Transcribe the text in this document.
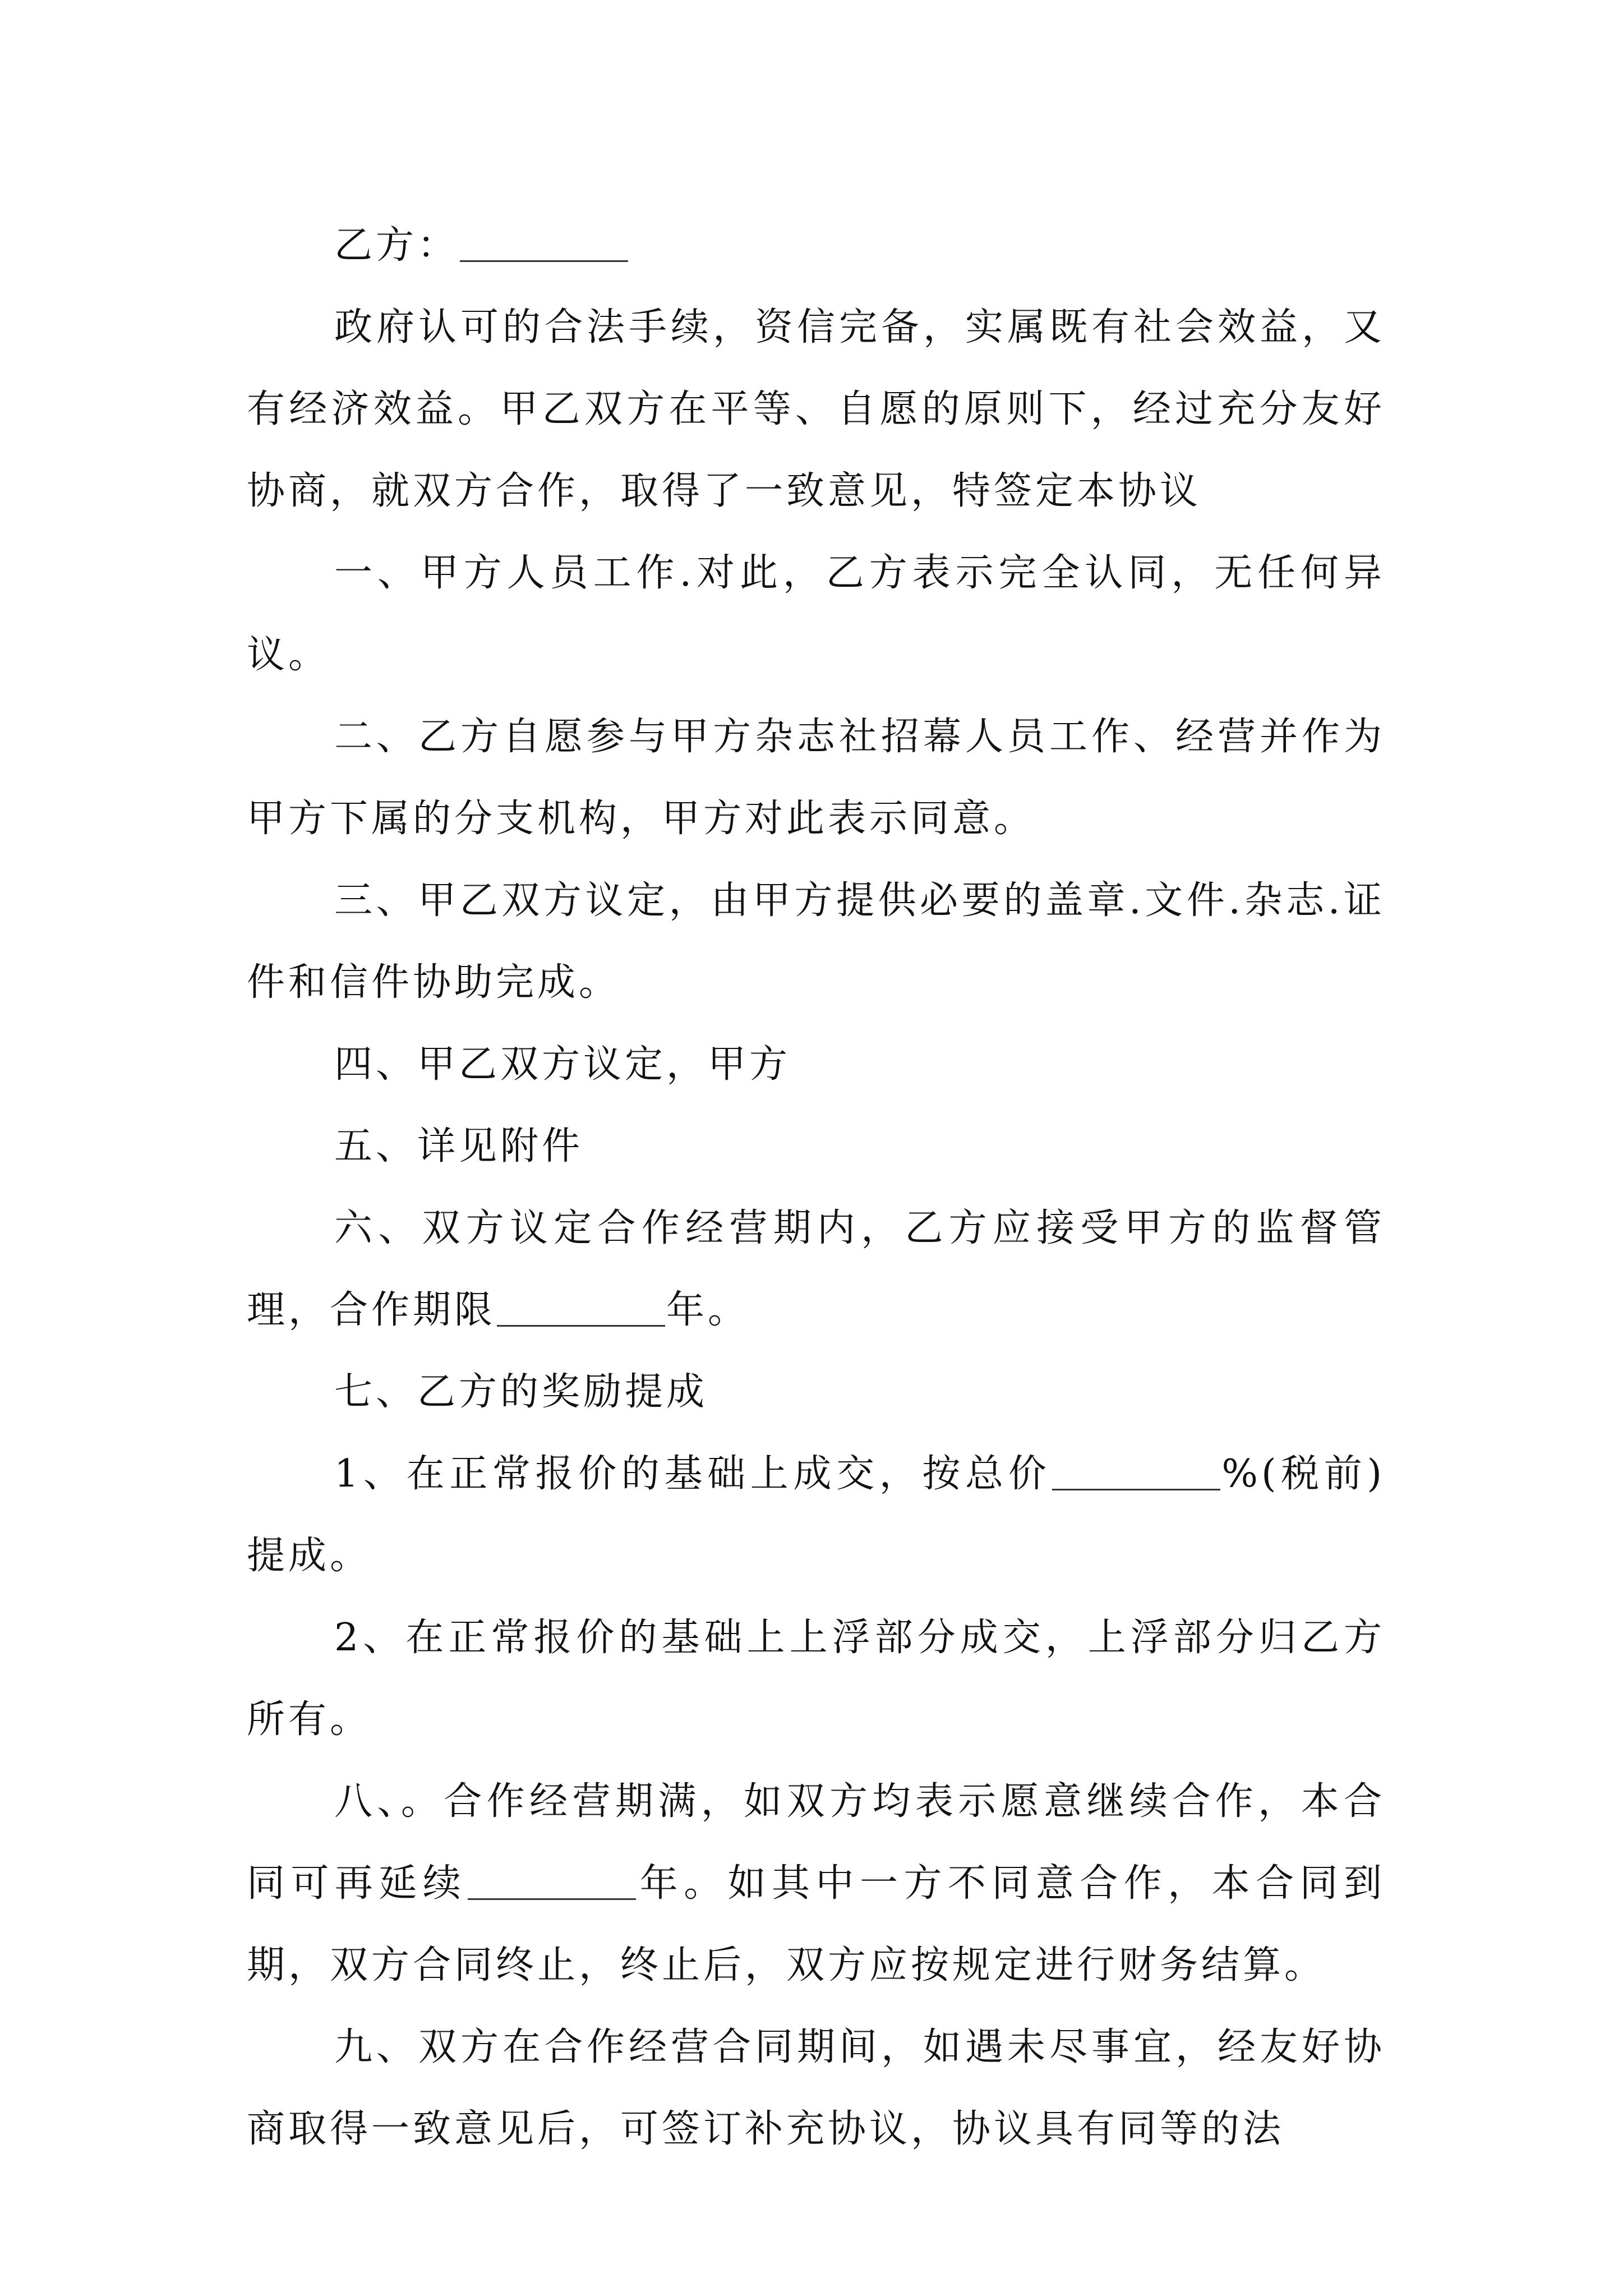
乙方：

政府认可的合法手续，资信完备，实属既有社会效益，又有经济效益。甲乙双方在平等、自愿的原则下，经过充分友好协商，就双方合作，取得了一致意见，特签定本协议

一、甲方人员工作.对此，乙方表示完全认同，无任何异议。

二、乙方自愿参与甲方杂志社招幕人员工作、经营并作为甲方下属的分支机构，甲方对此表示同意。

三、甲乙双方议定，由甲方提供必要的盖章.文件.杂志.证件和信件协助完成。

四、甲乙双方议定，甲方

五、详见附件

六、双方议定合作经营期内，乙方应接受甲方的监督管理，合作期限	年。

七、乙方的奖励提成

1、在正常报价的基础上成交，按总价	%(税前)提成。

2、在正常报价的基础上上浮部分成交，上浮部分归乙方所有。

八、。合作经营期满，如双方均表示愿意继续合作，本合同可再延续	年。如其中一方不同意合作，本合同到期，双方合同终止，终止后，双方应按规定进行财务结算。

九、双方在合作经营合同期间，如遇未尽事宜，经友好协商取得一致意见后，可签订补充协议，协议具有同等的法
